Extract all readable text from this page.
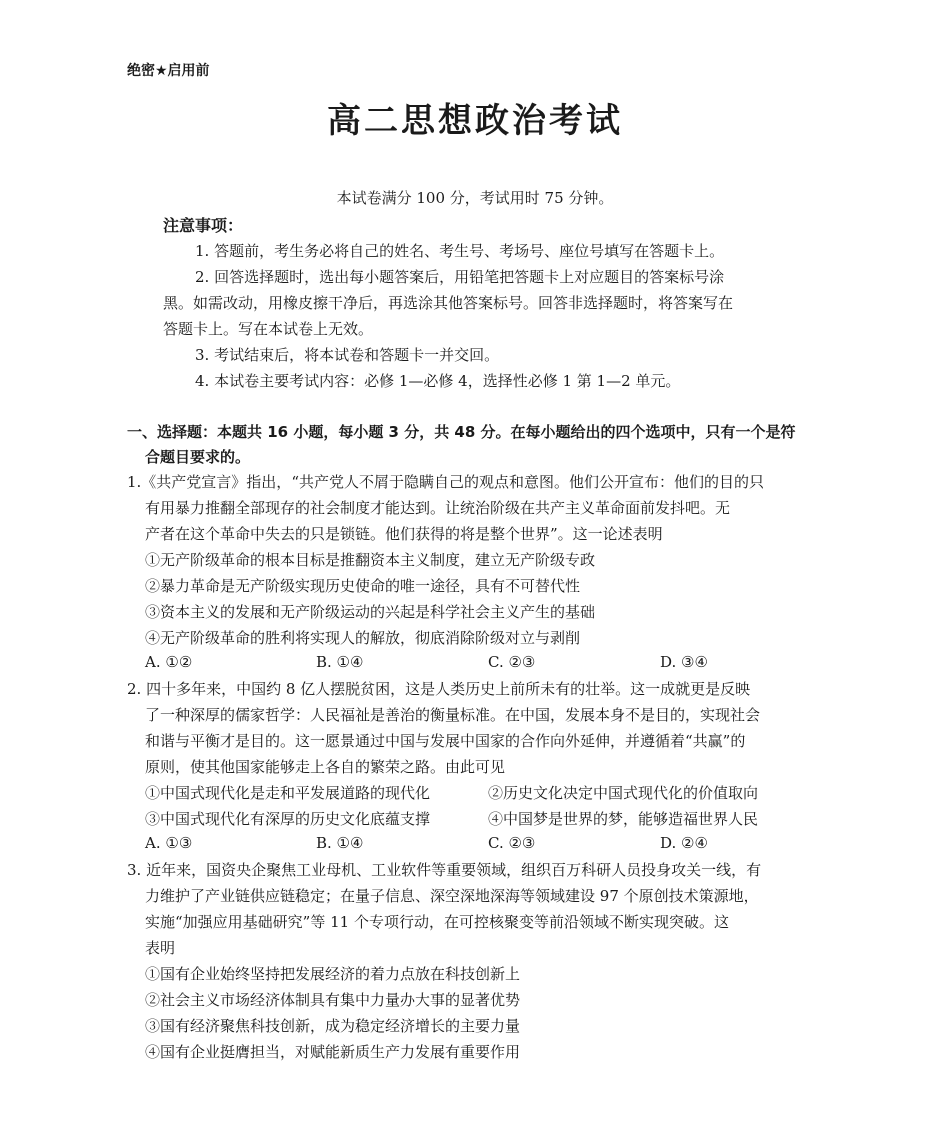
绝密★启用前
高二思想政治考试
本试卷满分 100 分，考试用时 75 分钟。
注意事项：
1. 答题前，考生务必将自己的姓名、考生号、考场号、座位号填写在答题卡上。
2. 回答选择题时，选出每小题答案后，用铅笔把答题卡上对应题目的答案标号涂
黑。如需改动，用橡皮擦干净后，再选涂其他答案标号。回答非选择题时，将答案写在
答题卡上。写在本试卷上无效。
3. 考试结束后，将本试卷和答题卡一并交回。
4. 本试卷主要考试内容：必修 1—必修 4，选择性必修 1 第 1—2 单元。
一、选择题：本题共 16 小题，每小题 3 分，共 48 分。在每小题给出的四个选项中，只有一个是符
合题目要求的。
1.《共产党宣言》指出，“共产党人不屑于隐瞒自己的观点和意图。他们公开宣布：他们的目的只
有用暴力推翻全部现存的社会制度才能达到。让统治阶级在共产主义革命面前发抖吧。无
产者在这个革命中失去的只是锁链。他们获得的将是整个世界”。这一论述表明
①无产阶级革命的根本目标是推翻资本主义制度，建立无产阶级专政
②暴力革命是无产阶级实现历史使命的唯一途径，具有不可替代性
③资本主义的发展和无产阶级运动的兴起是科学社会主义产生的基础
④无产阶级革命的胜利将实现人的解放，彻底消除阶级对立与剥削
A. ①②	B. ①④	C. ②③	D. ③④
2. 四十多年来，中国约 8 亿人摆脱贫困，这是人类历史上前所未有的壮举。这一成就更是反映
了一种深厚的儒家哲学：人民福祉是善治的衡量标准。在中国，发展本身不是目的，实现社会
和谐与平衡才是目的。这一愿景通过中国与发展中国家的合作向外延伸，并遵循着“共赢”的
原则，使其他国家能够走上各自的繁荣之路。由此可见
①中国式现代化是走和平发展道路的现代化	②历史文化决定中国式现代化的价值取向
③中国式现代化有深厚的历史文化底蕴支撑	④中国梦是世界的梦，能够造福世界人民
A. ①③	B. ①④	C. ②③	D. ②④
3. 近年来，国资央企聚焦工业母机、工业软件等重要领域，组织百万科研人员投身攻关一线，有
力维护了产业链供应链稳定；在量子信息、深空深地深海等领域建设 97 个原创技术策源地，
实施“加强应用基础研究”等 11 个专项行动，在可控核聚变等前沿领域不断实现突破。这
表明
①国有企业始终坚持把发展经济的着力点放在科技创新上
②社会主义市场经济体制具有集中力量办大事的显著优势
③国有经济聚焦科技创新，成为稳定经济增长的主要力量
④国有企业挺膺担当，对赋能新质生产力发展有重要作用
